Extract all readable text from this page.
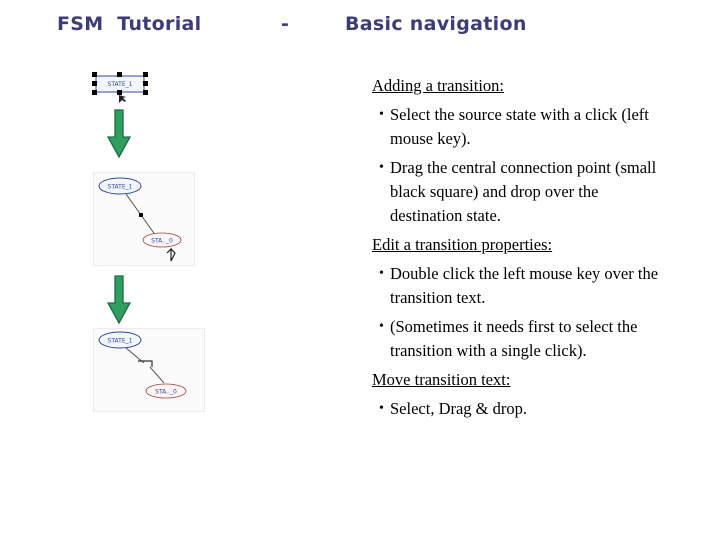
FSM  Tutorial	-	Basic navigation
STATE_1
STATE_1
STA.._0
STATE_1
STA.._0
Adding a transition:
• Select the source state with a click (left mouse key).
• Drag the central connection point (small black square) and drop over the destination state.
Edit a transition properties:
• Double click the left mouse key over the transition text.
• (Sometimes it needs first to select the transition with a single click).
Move transition text:
• Select, Drag & drop.
